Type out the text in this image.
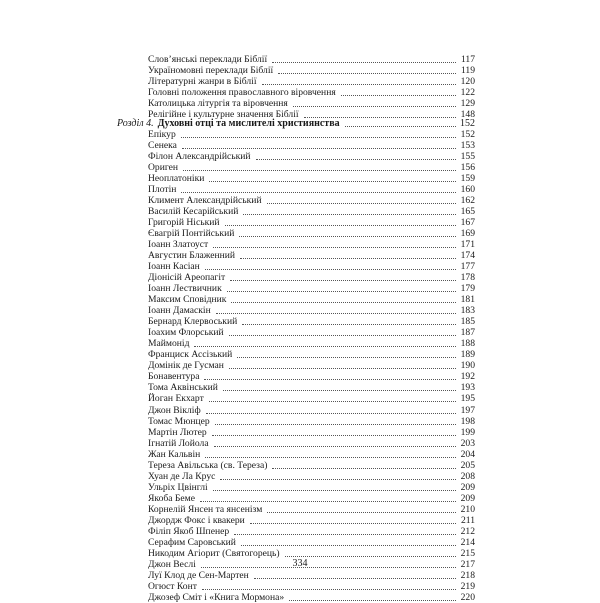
Слов’янські переклади Біблії	117
Україномовні переклади Біблії	119
Літературні жанри в Біблії	120
Головні положення православного віровчення	122
Католицька літургія та віровчення	129
Релігійне і культурне значення Біблії	148
Розділ 4. Духовні отці та мислителі християнства	152
Епікур	152
Сенека	153
Філон Александрійський	155
Ориген	156
Неоплатоніки	159
Плотін	160
Климент Александрійський	162
Василій Кесарійський	165
Григорій Ніський	167
Євагрій Понтійський	169
Іоанн Златоуст	171
Августин Блаженний	174
Іоанн Касіан	177
Діонісій Ареопагіт	178
Іоанн Лествичник	179
Максим Сповідник	181
Іоанн Дамаскін	183
Бернард Клервоський	185
Іоахим Флорський	187
Маймонід	188
Франциск Ассізький	189
Домінік де Гусман	190
Бонавентура	192
Тома Аквінський	193
Йоган Екхарт	195
Джон Вікліф	197
Томас Мюнцер	198
Мартін Лютер	199
Ігнатій Лойола	203
Жан Кальвін	204
Тереза Авільська (св. Тереза)	205
Хуан де Ла Крус	208
Ульріх Цвінглі	209
Якоба Беме	209
Корнелій Янсен та янсенізм	210
Джордж Фокс і квакери	211
Філіп Якоб Шпенер	212
Серафим Саровський	214
Никодим Агіорит (Святогорець)	215
Джон Веслі	217
Луї Клод де Сен-Мартен	218
Огюст Конт	219
Джозеф Сміт і «Книга Мормона»	220
334
